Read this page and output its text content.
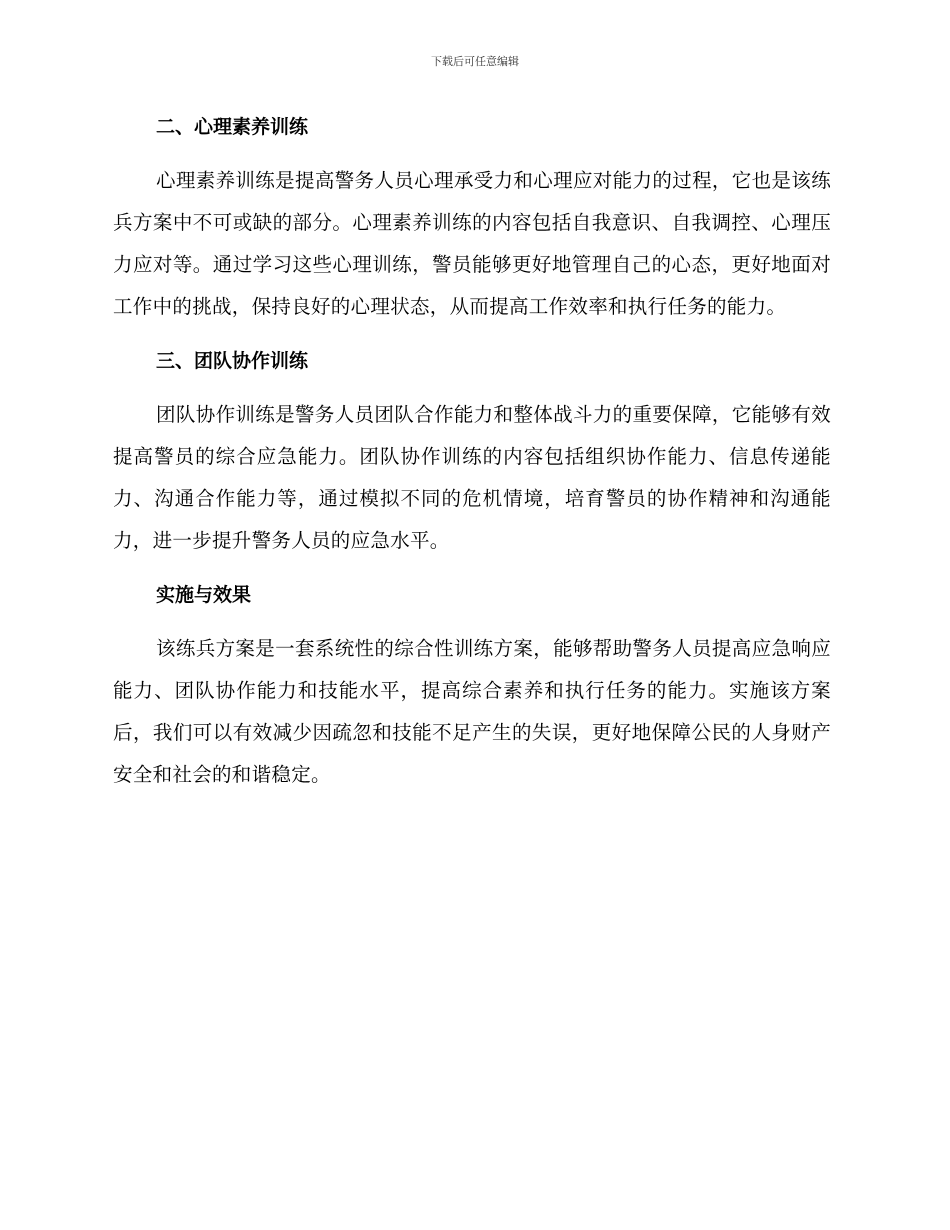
下载后可任意编辑
二、心理素养训练

心理素养训练是提高警务人员心理承受力和心理应对能力的过程，它也是该练兵方案中不可或缺的部分。心理素养训练的内容包括自我意识、自我调控、心理压力应对等。通过学习这些心理训练，警员能够更好地管理自己的心态，更好地面对工作中的挑战，保持良好的心理状态，从而提高工作效率和执行任务的能力。

三、团队协作训练

团队协作训练是警务人员团队合作能力和整体战斗力的重要保障，它能够有效提高警员的综合应急能力。团队协作训练的内容包括组织协作能力、信息传递能力、沟通合作能力等，通过模拟不同的危机情境，培育警员的协作精神和沟通能力，进一步提升警务人员的应急水平。

实施与效果

该练兵方案是一套系统性的综合性训练方案，能够帮助警务人员提高应急响应能力、团队协作能力和技能水平，提高综合素养和执行任务的能力。实施该方案后，我们可以有效减少因疏忽和技能不足产生的失误，更好地保障公民的人身财产安全和社会的和谐稳定。
